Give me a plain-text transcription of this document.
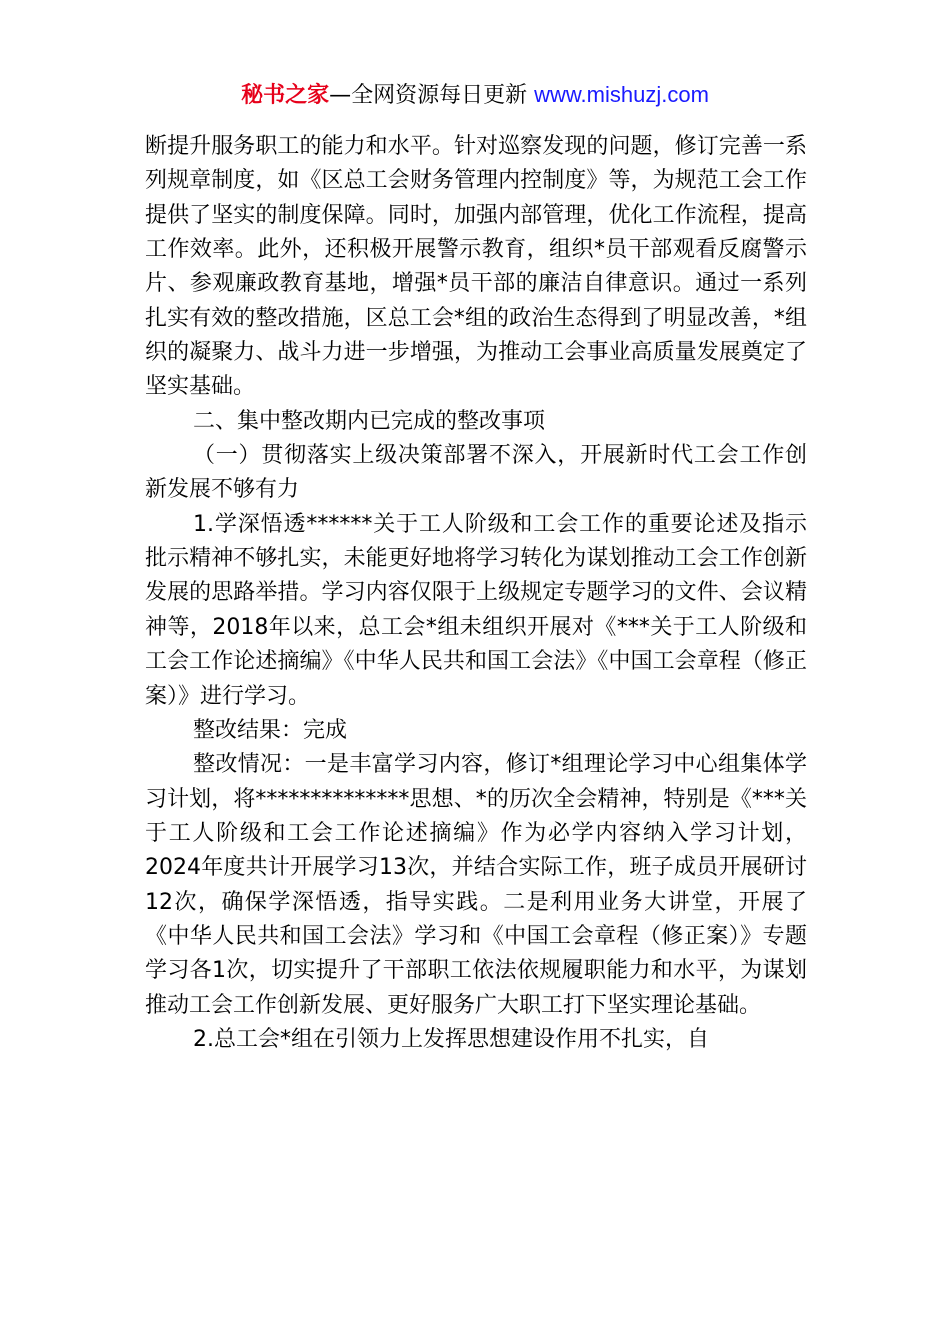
秘书之家—全网资源每日更新 www.mishuzj.com

断提升服务职工的能力和水平。针对巡察发现的问题，修订完善一系列规章制度，如《区总工会财务管理内控制度》等，为规范工会工作提供了坚实的制度保障。同时，加强内部管理，优化工作流程，提高工作效率。此外，还积极开展警示教育，组织*员干部观看反腐警示片、参观廉政教育基地，增强*员干部的廉洁自律意识。通过一系列扎实有效的整改措施，区总工会*组的政治生态得到了明显改善，*组织的凝聚力、战斗力进一步增强，为推动工会事业高质量发展奠定了坚实基础。

二、集中整改期内已完成的整改事项

（一）贯彻落实上级决策部署不深入，开展新时代工会工作创新发展不够有力

1.学深悟透******关于工人阶级和工会工作的重要论述及指示批示精神不够扎实，未能更好地将学习转化为谋划推动工会工作创新发展的思路举措。学习内容仅限于上级规定专题学习的文件、会议精神等，2018年以来，总工会*组未组织开展对《***关于工人阶级和工会工作论述摘编》《中华人民共和国工会法》《中国工会章程（修正案）》进行学习。

整改结果：完成

整改情况：一是丰富学习内容，修订*组理论学习中心组集体学习计划，将**************思想、*的历次全会精神，特别是《***关于工人阶级和工会工作论述摘编》作为必学内容纳入学习计划，2024年度共计开展学习13次，并结合实际工作，班子成员开展研讨12次，确保学深悟透，指导实践。二是利用业务大讲堂，开展了《中华人民共和国工会法》学习和《中国工会章程（修正案）》专题学习各1次，切实提升了干部职工依法依规履职能力和水平，为谋划推动工会工作创新发展、更好服务广大职工打下坚实理论基础。

2.总工会*组在引领力上发挥思想建设作用不扎实，自
